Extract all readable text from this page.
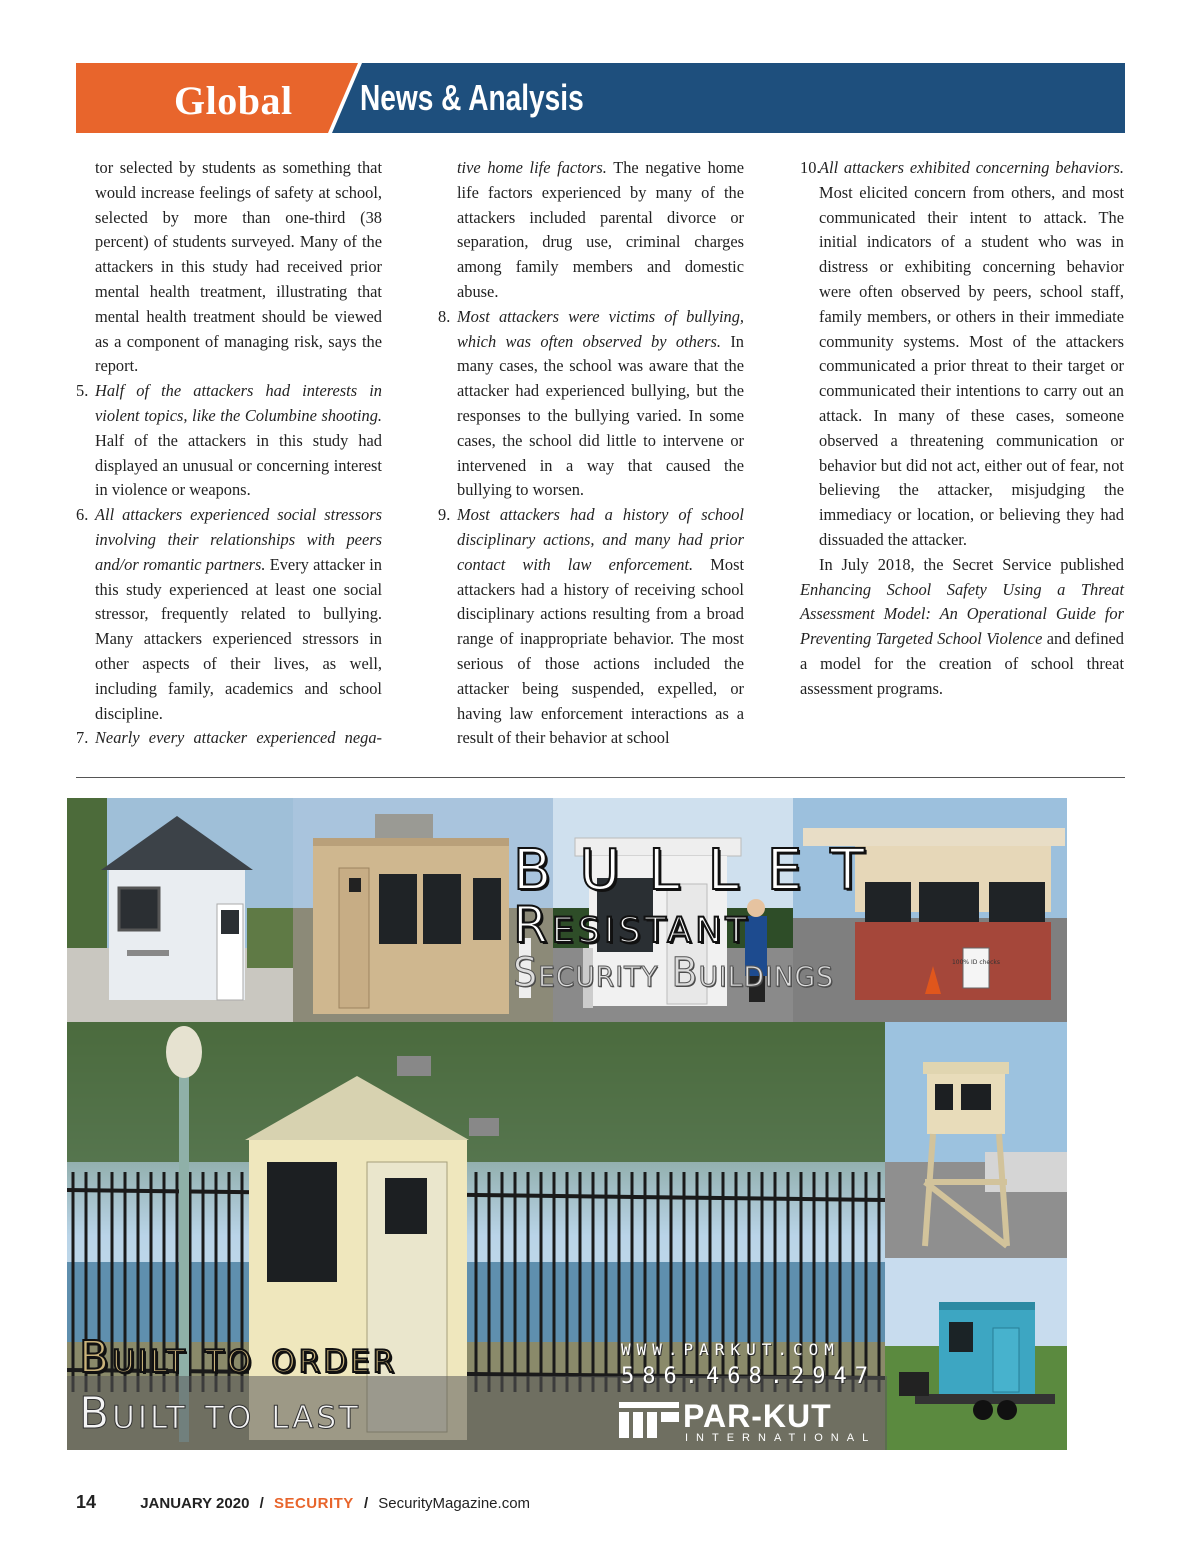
Global News & Analysis

tor selected by students as something that would increase feelings of safety at school, selected by more than one-third (38 percent) of students surveyed. Many of the attackers in this study had received prior mental health treatment, illustrating that mental health treatment should be viewed as a component of managing risk, says the report.

5. Half of the attackers had interests in violent topics, like the Columbine shooting. Half of the attackers in this study had displayed an unusual or concerning interest in violence or weapons.

6. All attackers experienced social stressors involving their relationships with peers and/or romantic partners. Every attacker in this study experienced at least one social stressor, frequently related to bullying. Many attackers experienced stressors in other aspects of their lives, as well, including family, academics and school discipline.

7. Nearly every attacker experienced nega-

tive home life factors. The negative home life factors experienced by many of the attackers included parental divorce or separation, drug use, criminal charges among family members and domestic abuse.

8. Most attackers were victims of bullying, which was often observed by others. In many cases, the school was aware that the attacker had experienced bullying, but the responses to the bullying varied. In some cases, the school did little to intervene or intervened in a way that caused the bullying to worsen.

9. Most attackers had a history of school disciplinary actions, and many had prior contact with law enforcement. Most attackers had a history of receiving school disciplinary actions resulting from a broad range of inappropriate behavior. The most serious of those actions included the attacker being suspended, expelled, or having law enforcement interactions as a result of their behavior at school

10.
All attackers exhibited concerning behaviors. Most elicited concern from others, and most communicated their intent to attack. The initial indicators of a student who was in distress or exhibiting concerning behavior were often observed by peers, school staff, family members, or others in their immediate community systems. Most of the attackers communicated a prior threat to their target or communicated their intentions to carry out an attack. In many of these cases, someone observed a threatening communication or behavior but did not act, either out of fear, not believing the attacker, misjudging the immediacy or location, or believing they had dissuaded the attacker.

In July 2018, the Secret Service published Enhancing School Safety Using a Threat Assessment Model: An Operational Guide for Preventing Targeted School Violence and defined a model for the creation of school threat assessment programs.

100% ID checks
BULLET
Resistant
Security Buildings
Built to order
Built to last
WWW.PARKUT.COM
586.468.2947
PAR-KUT
INTERNATIONAL
14	JANUARY 2020 / SECURITY / SecurityMagazine.com
